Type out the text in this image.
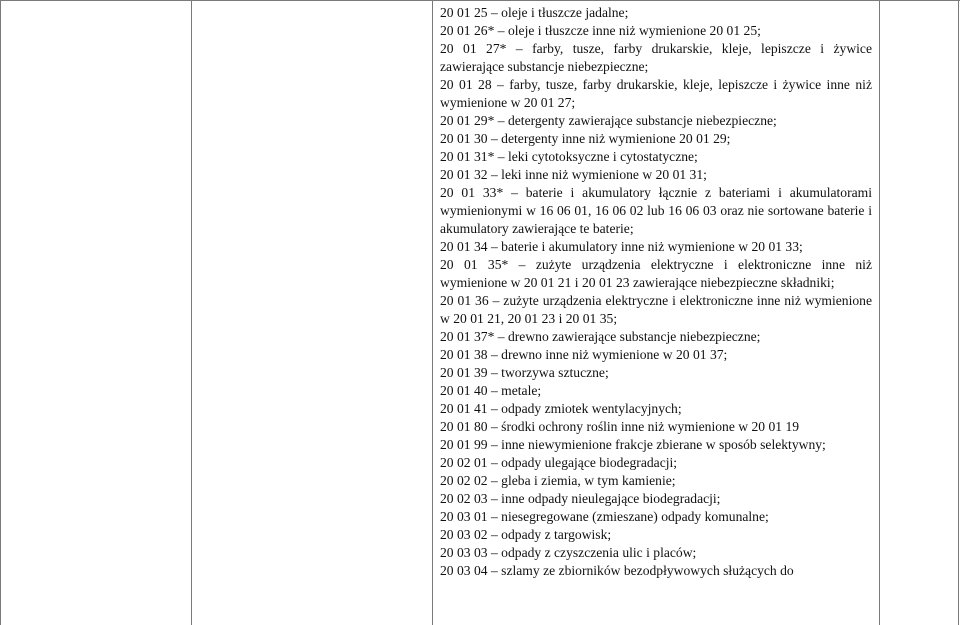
20 01 25 – oleje i tłuszcze jadalne;

20 01 26* – oleje i tłuszcze inne niż wymienione 20 01 25;

20 01 27* – farby, tusze, farby drukarskie, kleje, lepiszcze i żywice zawierające substancje niebezpieczne;

20 01 28 – farby, tusze, farby drukarskie, kleje, lepiszcze i żywice inne niż wymienione w 20 01 27;

20 01 29* – detergenty zawierające substancje niebezpieczne;

20 01 30 – detergenty inne niż wymienione 20 01 29;

20 01 31* – leki cytotoksyczne i cytostatyczne;

20 01 32 – leki inne niż wymienione w 20 01 31;

20 01 33* – baterie i akumulatory łącznie z bateriami i akumulatorami wymienionymi w 16 06 01, 16 06 02 lub 16 06 03 oraz nie sortowane baterie i akumulatory zawierające te baterie;

20 01 34 – baterie i akumulatory inne niż wymienione w 20 01 33;

20 01 35* – zużyte urządzenia elektryczne i elektroniczne inne niż wymienione w 20 01 21 i 20 01 23 zawierające niebezpieczne składniki;

20 01 36 – zużyte urządzenia elektryczne i elektroniczne inne niż wymienione w 20 01 21, 20 01 23 i 20 01 35;

20 01 37* – drewno zawierające substancje niebezpieczne;

20 01 38 – drewno inne niż wymienione w 20 01 37;

20 01 39 – tworzywa sztuczne;

20 01 40 – metale;

20 01 41 – odpady zmiotek wentylacyjnych;

20 01 80 – środki ochrony roślin inne niż wymienione w 20 01 19

20 01 99 – inne niewymienione frakcje zbierane w sposób selektywny;

20 02 01 – odpady ulegające biodegradacji;

20 02 02 – gleba i ziemia, w tym kamienie;

20 02 03 – inne odpady nieulegające biodegradacji;

20 03 01 – niesegregowane (zmieszane) odpady komunalne;

20 03 02 – odpady z targowisk;

20 03 03 – odpady z czyszczenia ulic i placów;

20 03 04 – szlamy ze zbiorników bezodpływowych służących do
